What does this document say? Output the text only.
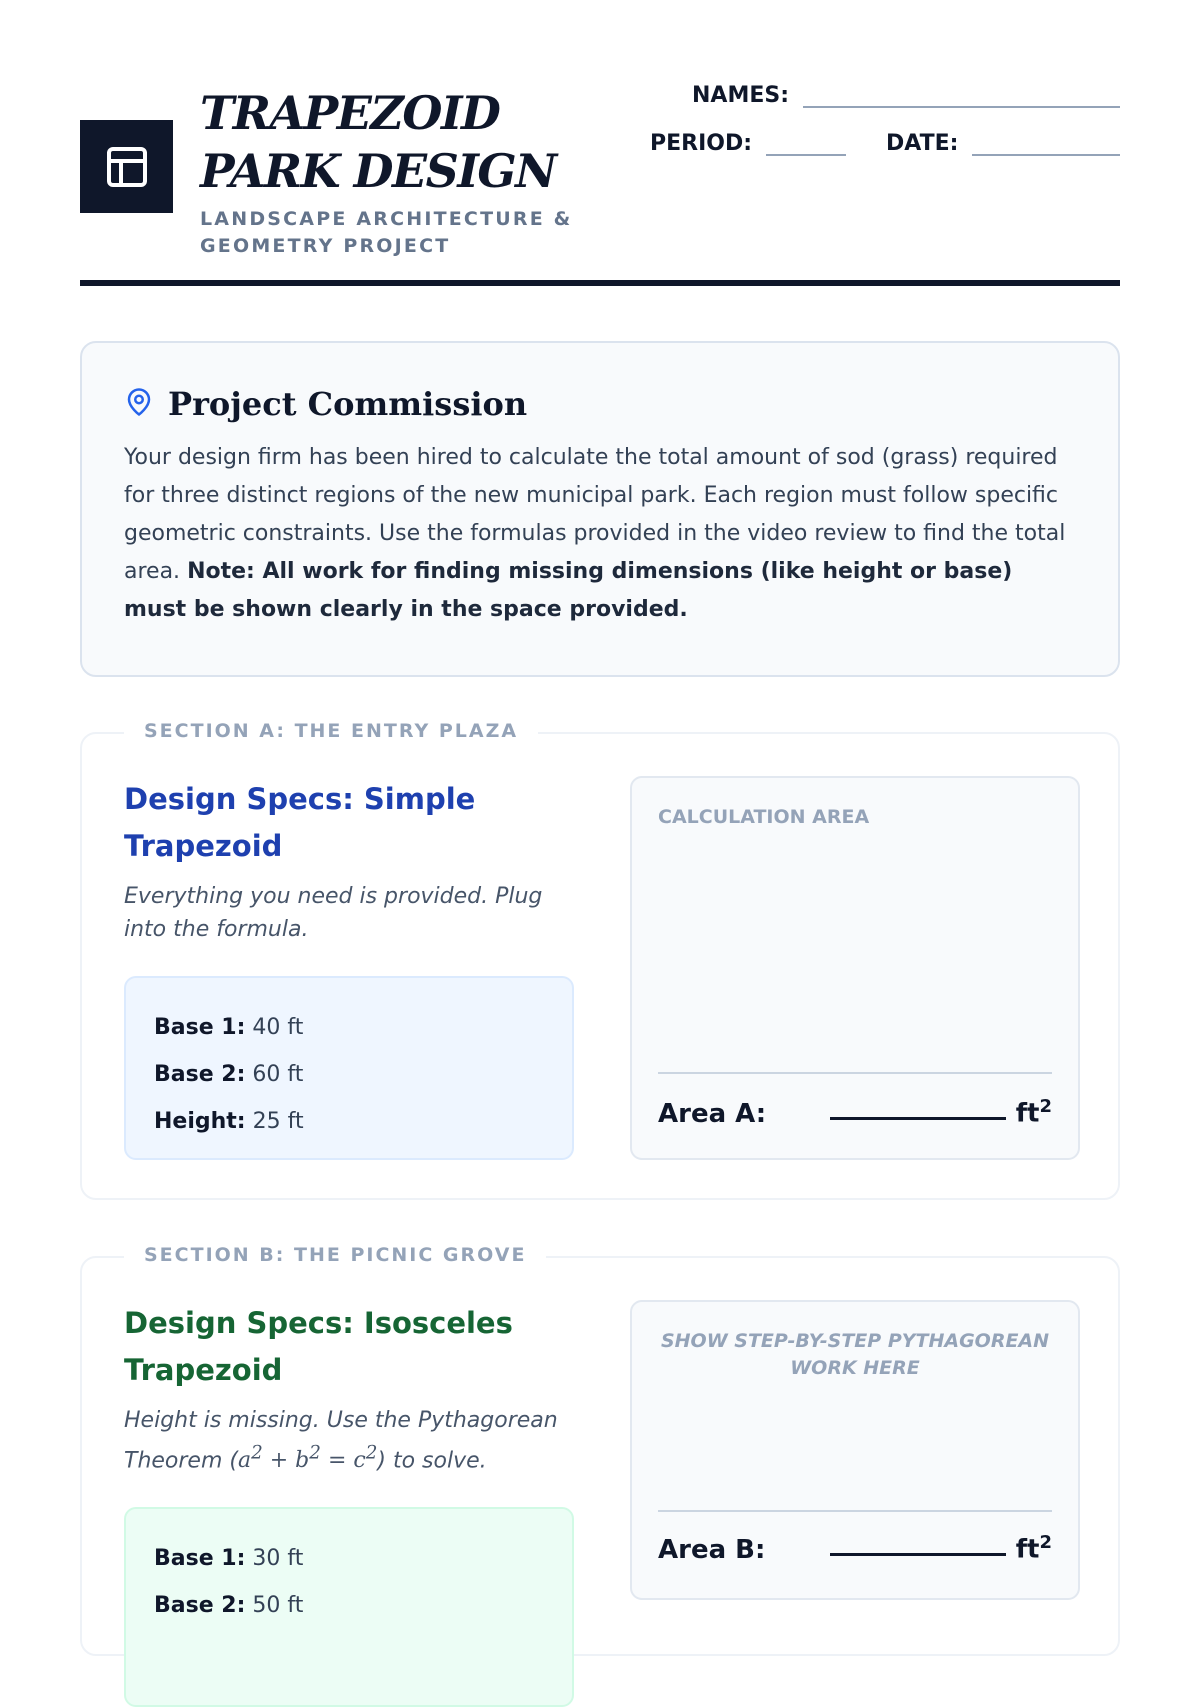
TRAPEZOID PARK DESIGN
LANDSCAPE ARCHITECTURE & GEOMETRY PROJECT
NAMES:
PERIOD:	DATE:
Project Commission

Your design firm has been hired to calculate the total amount of sod (grass) required for three distinct regions of the new municipal park. Each region must follow specific geometric constraints. Use the formulas provided in the video review to find the total area. Note: All work for finding missing dimensions (like height or base) must be shown clearly in the space provided.

SECTION A: THE ENTRY PLAZA
Design Specs: Simple Trapezoid
Everything you need is provided. Plug into the formula.
Base 1: 40 ft
Base 2: 60 ft
Height: 25 ft
CALCULATION AREA
Area A:	$ft^2$
SECTION B: THE PICNIC GROVE
Design Specs: Isosceles Trapezoid
Height is missing. Use the Pythagorean Theorem $(a^2 + b^2 = c^2)$ to solve.
Base 1: 30 ft
Base 2: 50 ft
SHOW STEP-BY-STEP PYTHAGOREAN WORK HERE
Area B:	$ft^2$
